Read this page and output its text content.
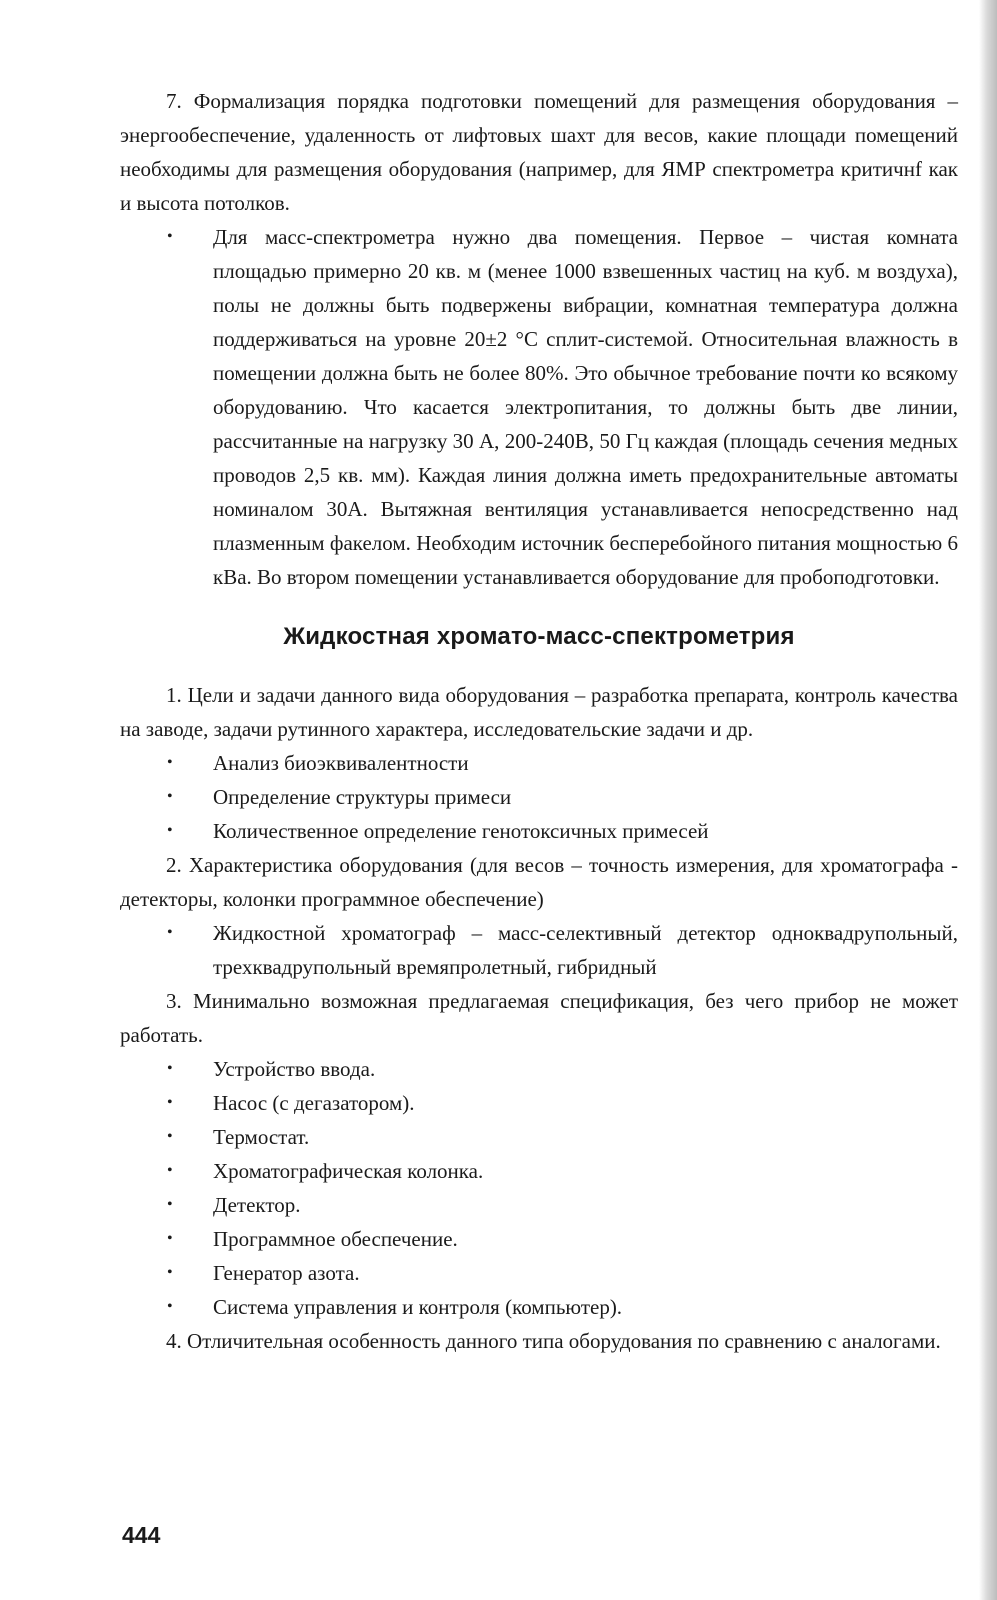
7. Формализация порядка подготовки помещений для размещения оборудования – энергообеспечение, удаленность от лифтовых шахт для весов, какие площади помещений необходимы для размещения оборудования (например, для ЯМР спектрометра критичнf как и высота потолков.

• Для масс-спектрометра нужно два помещения. Первое – чистая комната площадью примерно 20 кв. м (менее 1000 взвешенных частиц на куб. м воздуха), полы не должны быть подвержены вибрации, комнатная температура должна поддерживаться на уровне 20±2 °С сплит-системой. Относительная влажность в помещении должна быть не более 80%. Это обычное требование почти ко всякому оборудованию. Что касается электропитания, то должны быть две линии, рассчитанные на нагрузку 30 А, 200-240В, 50 Гц каждая (площадь сечения медных проводов 2,5 кв. мм). Каждая линия должна иметь предохранительные автоматы номиналом 30А. Вытяжная вентиляция устанавливается непосредственно над плазменным факелом. Необходим источник бесперебойного питания мощностью 6 кВа. Во втором помещении устанавливается оборудование для пробоподготовки.
Жидкостная хромато-масс-спектрометрия

1. Цели и задачи данного вида оборудования – разработка препарата, контроль качества на заводе, задачи рутинного характера, исследовательские задачи и др.

• Анализ биоэквивалентности
• Определение структуры примеси
• Количественное определение генотоксичных примесей

2. Характеристика оборудования (для весов – точность измерения, для хроматографа - детекторы, колонки программное обеспечение)

• Жидкостной хроматограф – масс-селективный детектор одноквадрупольный, трехквадрупольный времяпролетный, гибридный

3. Минимально возможная предлагаемая спецификация, без чего прибор не может работать.

• Устройство ввода.
• Насос (с дегазатором).
• Термостат.
• Хроматографическая колонка.
• Детектор.
• Программное обеспечение.
• Генератор азота.
• Система управления и контроля (компьютер).

4. Отличительная особенность данного типа оборудования по сравнению с аналогами.

444
